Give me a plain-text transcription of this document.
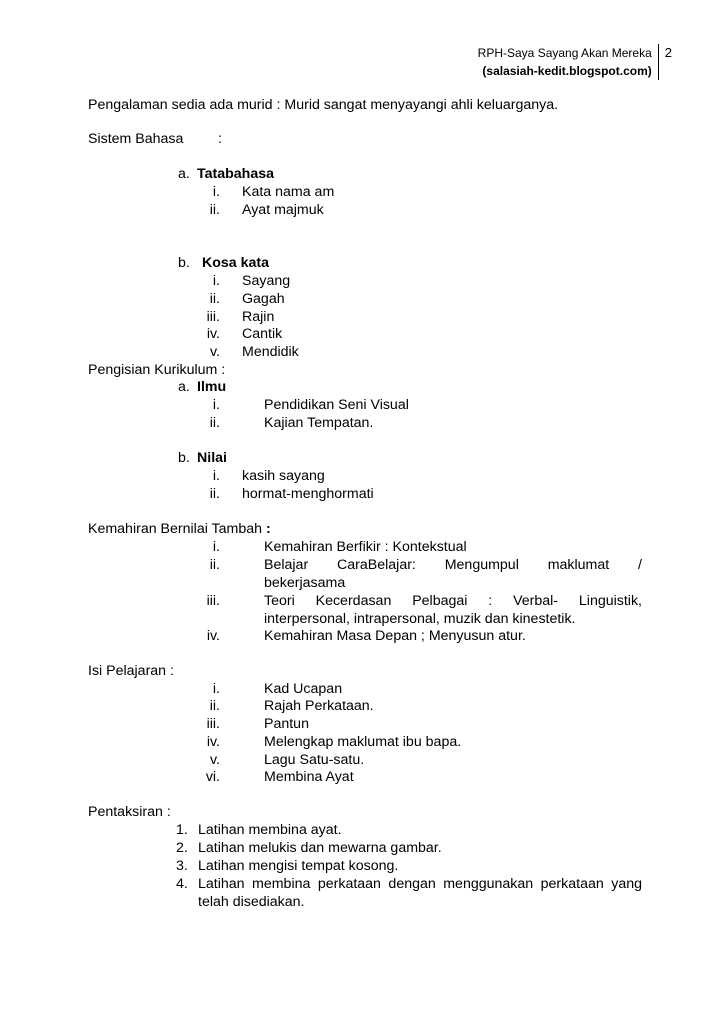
RPH-Saya Sayang Akan Mereka
(salasiah-kedit.blogspot.com)
2
Pengalaman sedia ada murid : Murid sangat menyayangi ahli keluarganya.
Sistem Bahasa :
a. Tatabahasa
i. Kata nama am
ii. Ayat majmuk
b. Kosa kata
i. Sayang
ii. Gagah
iii. Rajin
iv. Cantik
v. Mendidik
Pengisian Kurikulum :
a. Ilmu
i.	Pendidikan Seni Visual
ii.	Kajian Tempatan.
b. Nilai
i. kasih sayang
ii. hormat-menghormati
Kemahiran Bernilai Tambah :
i.	Kemahiran Berfikir : Kontekstual
ii.	Belajar CaraBelajar: Mengumpul maklumat /
bekerjasama
iii.	Teori Kecerdasan Pelbagai : Verbal- Linguistik,
interpersonal, intrapersonal, muzik dan kinestetik.
iv.	Kemahiran Masa Depan ; Menyusun atur.
Isi Pelajaran :
i.	Kad Ucapan
ii.	Rajah Perkataan.
iii.	Pantun
iv.	Melengkap maklumat ibu bapa.
v.	Lagu Satu-satu.
vi.	Membina Ayat
Pentaksiran :
1. Latihan membina ayat.
2. Latihan melukis dan mewarna gambar.
3. Latihan mengisi tempat kosong.
4. Latihan membina perkataan dengan menggunakan perkataan yang
telah disediakan.
